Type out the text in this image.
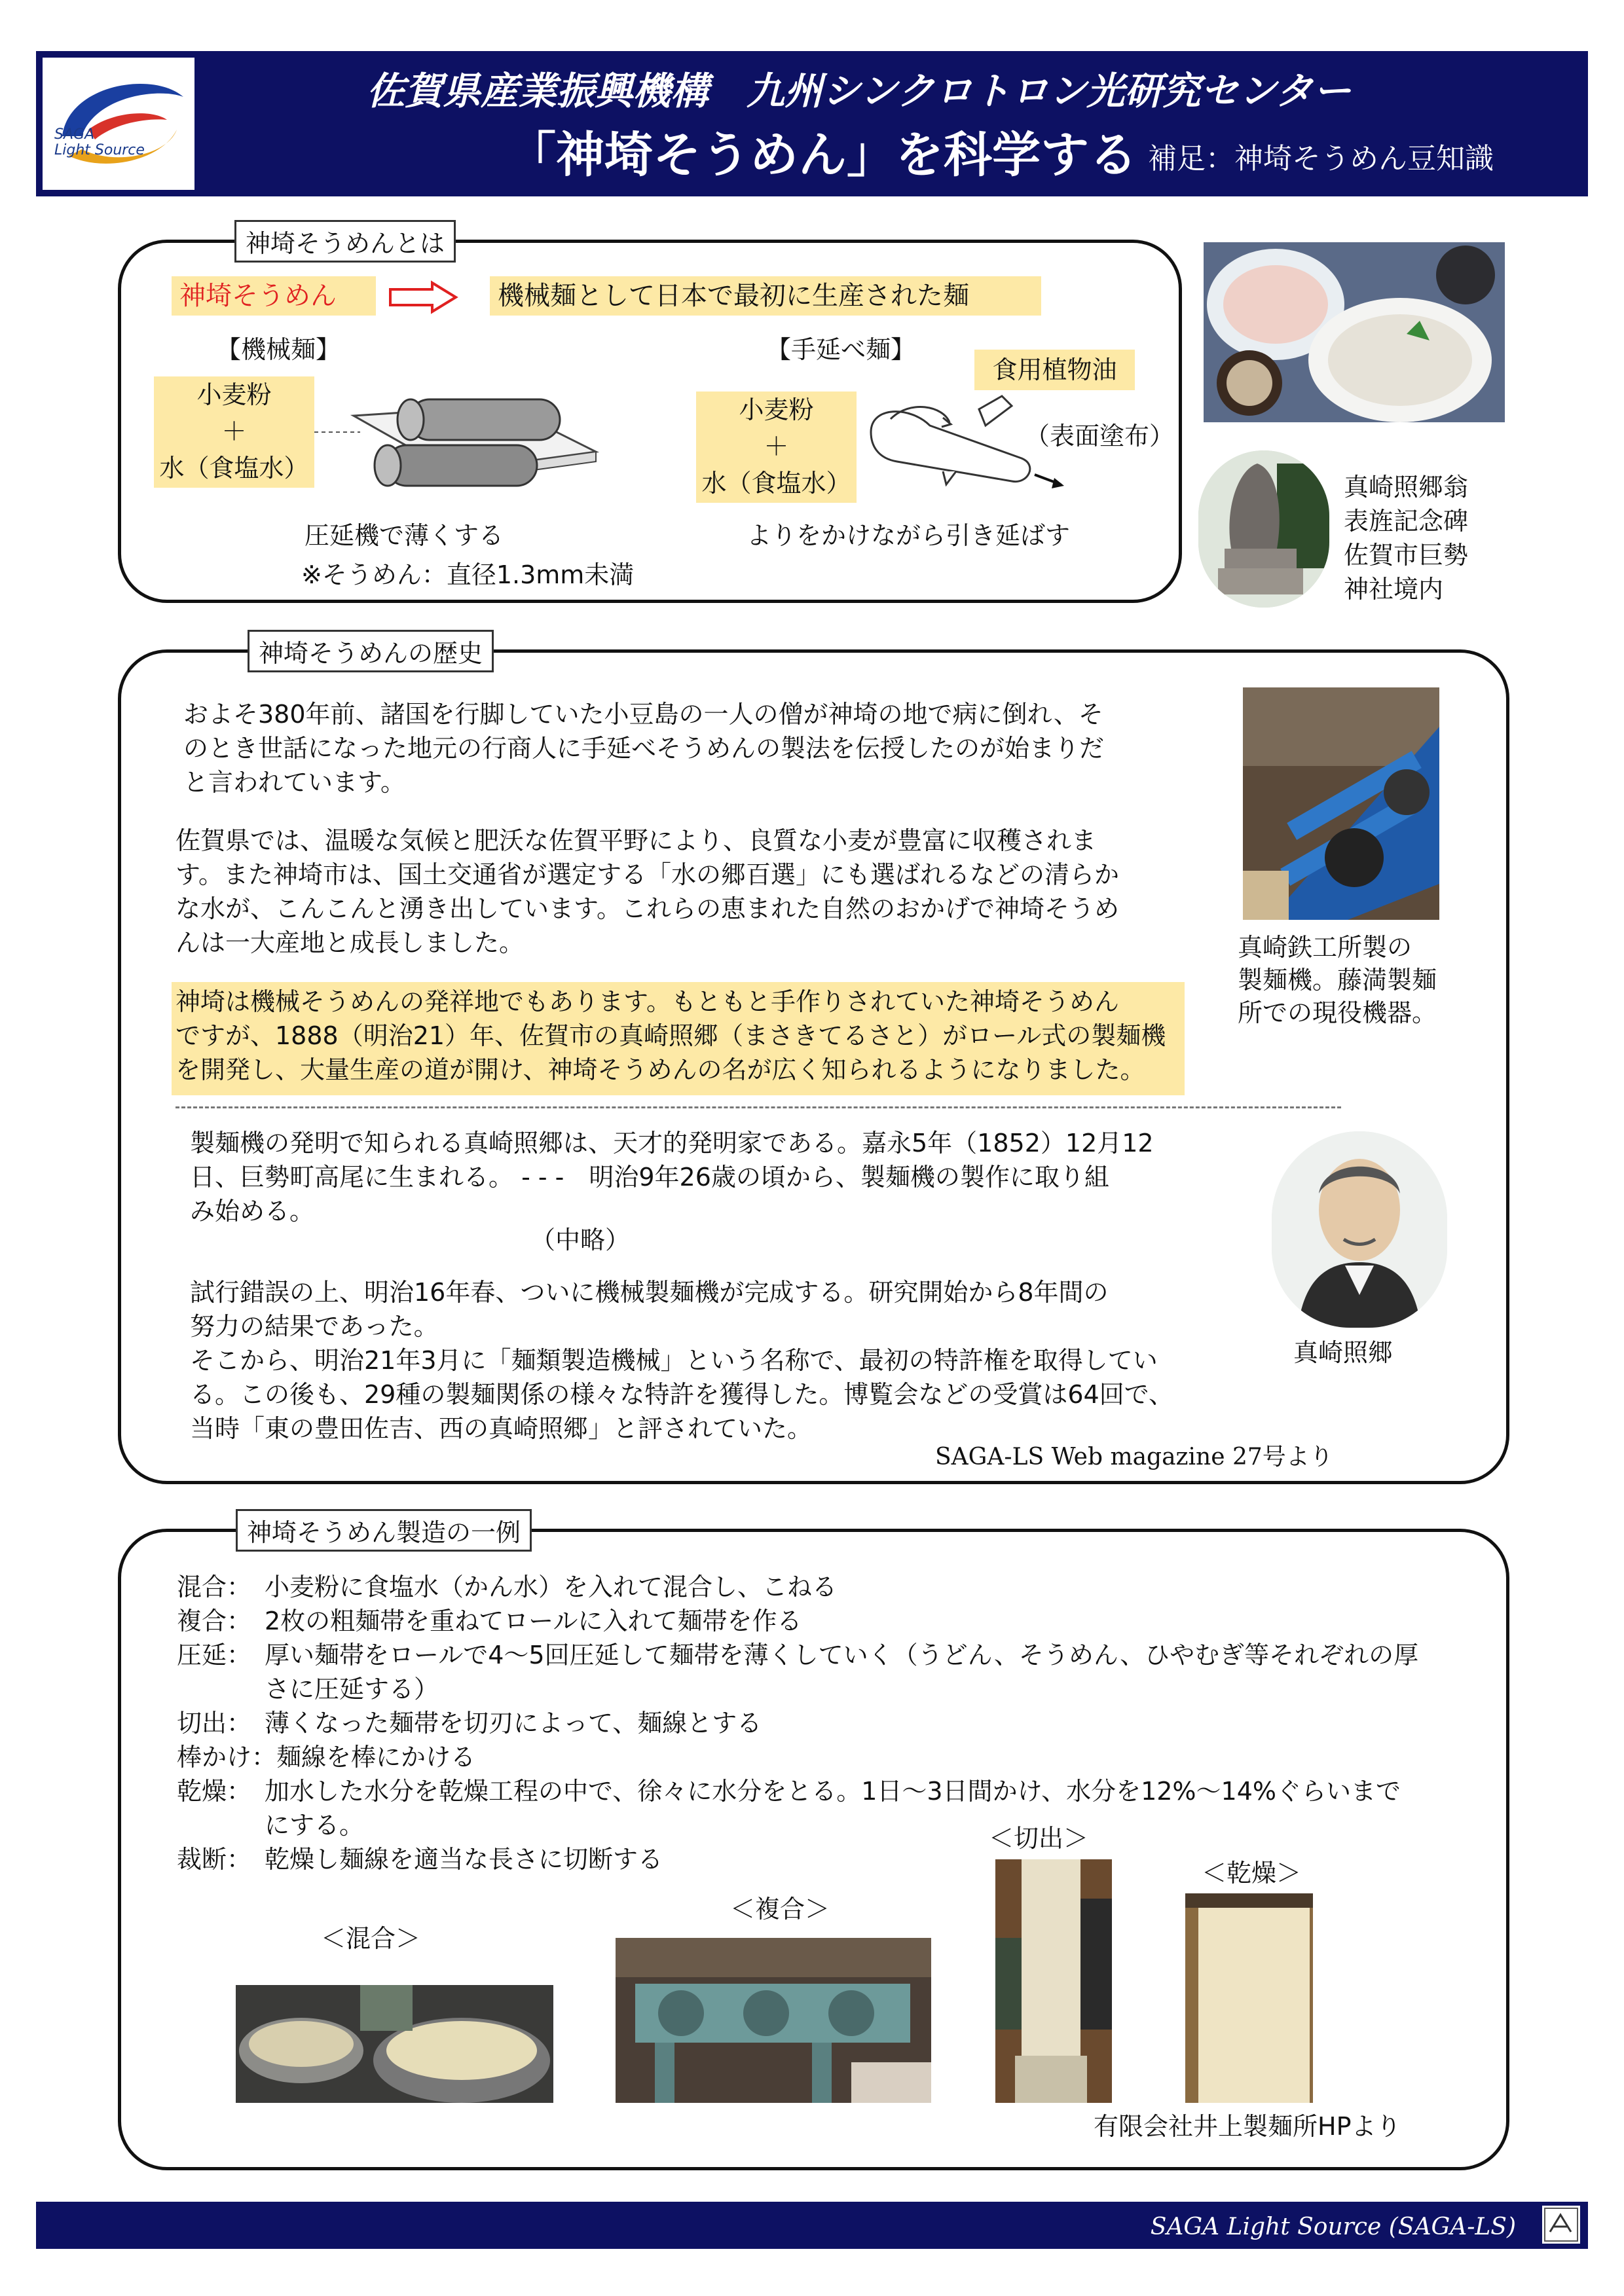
SAGA
Light Source
佐賀県産業振興機構　九州シンクロトロン光研究センター
「神埼そうめん」を科学する 補足：神埼そうめん豆知識
神埼そうめんとは
神埼そうめん	機械麺として日本で最初に生産された麺
【機械麺】
小麦粉
＋
水（食塩水）
圧延機で薄くする
※そうめん：直径1.3mm未満
【手延べ麺】
食用植物油
小麦粉
＋
水（食塩水）
（表面塗布）
よりをかけながら引き延ばす
真崎照郷翁
表旌記念碑
佐賀市巨勢
神社境内
神埼そうめんの歴史
およそ380年前、諸国を行脚していた小豆島の一人の僧が神埼の地で病に倒れ、そ
のとき世話になった地元の行商人に手延べそうめんの製法を伝授したのが始まりだ
と言われています。
佐賀県では、温暖な気候と肥沃な佐賀平野により、良質な小麦が豊富に収穫されま
す。また神埼市は、国土交通省が選定する「水の郷百選」にも選ばれるなどの清らか
な水が、こんこんと湧き出しています。これらの恵まれた自然のおかげで神埼そうめ
んは一大産地と成長しました。
神埼は機械そうめんの発祥地でもあります。もともと手作りされていた神埼そうめん
ですが、1888（明治21）年、佐賀市の真崎照郷（まさきてるさと）がロール式の製麺機
を開発し、大量生産の道が開け、神埼そうめんの名が広く知られるようになりました。
真崎鉄工所製の
製麺機。藤満製麺
所での現役機器。
製麺機の発明で知られる真崎照郷は、天才的発明家である。嘉永5年（1852）12月12
日、巨勢町高尾に生まれる。 - - -　明治9年26歳の頃から、製麺機の製作に取り組
み始める。
（中略）
試行錯誤の上、明治16年春、ついに機械製麺機が完成する。研究開始から8年間の
努力の結果であった。
そこから、明治21年3月に「麺類製造機械」という名称で、最初の特許権を取得してい
る。この後も、29種の製麺関係の様々な特許を獲得した。博覧会などの受賞は64回で、
当時「東の豊田佐吉、西の真崎照郷」と評されていた。
真崎照郷
SAGA-LS Web magazine 27号より
神埼そうめん製造の一例
混合： 小麦粉に食塩水（かん水）を入れて混合し、こねる
複合： 2枚の粗麺帯を重ねてロールに入れて麺帯を作る
圧延： 厚い麺帯をロールで4～5回圧延して麺帯を薄くしていく（うどん、そうめん、ひやむぎ等それぞれの厚
さに圧延する）
切出： 薄くなった麺帯を切刃によって、麺線とする
棒かけ：麺線を棒にかける
乾燥： 加水した水分を乾燥工程の中で、徐々に水分をとる。1日～3日間かけ、水分を12%～14%ぐらいまで
にする。
裁断： 乾燥し麺線を適当な長さに切断する
＜混合＞
＜複合＞
＜切出＞
＜乾燥＞
有限会社井上製麺所HPより
SAGA Light Source (SAGA-LS)
